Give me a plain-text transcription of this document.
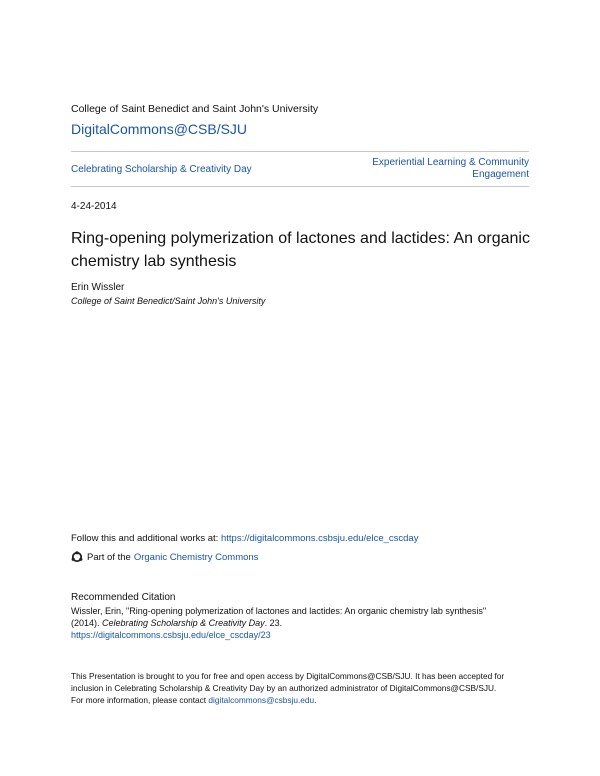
College of Saint Benedict and Saint John's University
DigitalCommons@CSB/SJU
Celebrating Scholarship & Creativity Day
Experiential Learning & Community
Engagement
4-24-2014
Ring-opening polymerization of lactones and lactides: An organic chemistry lab synthesis
Erin Wissler
College of Saint Benedict/Saint John's University
Follow this and additional works at: https://digitalcommons.csbsju.edu/elce_cscday
Part of the Organic Chemistry Commons
Recommended Citation
Wissler, Erin, "Ring-opening polymerization of lactones and lactides: An organic chemistry lab synthesis"
(2014). Celebrating Scholarship & Creativity Day. 23.
https://digitalcommons.csbsju.edu/elce_cscday/23
This Presentation is brought to you for free and open access by DigitalCommons@CSB/SJU. It has been accepted for
inclusion in Celebrating Scholarship & Creativity Day by an authorized administrator of DigitalCommons@CSB/SJU.
For more information, please contact digitalcommons@csbsju.edu.
